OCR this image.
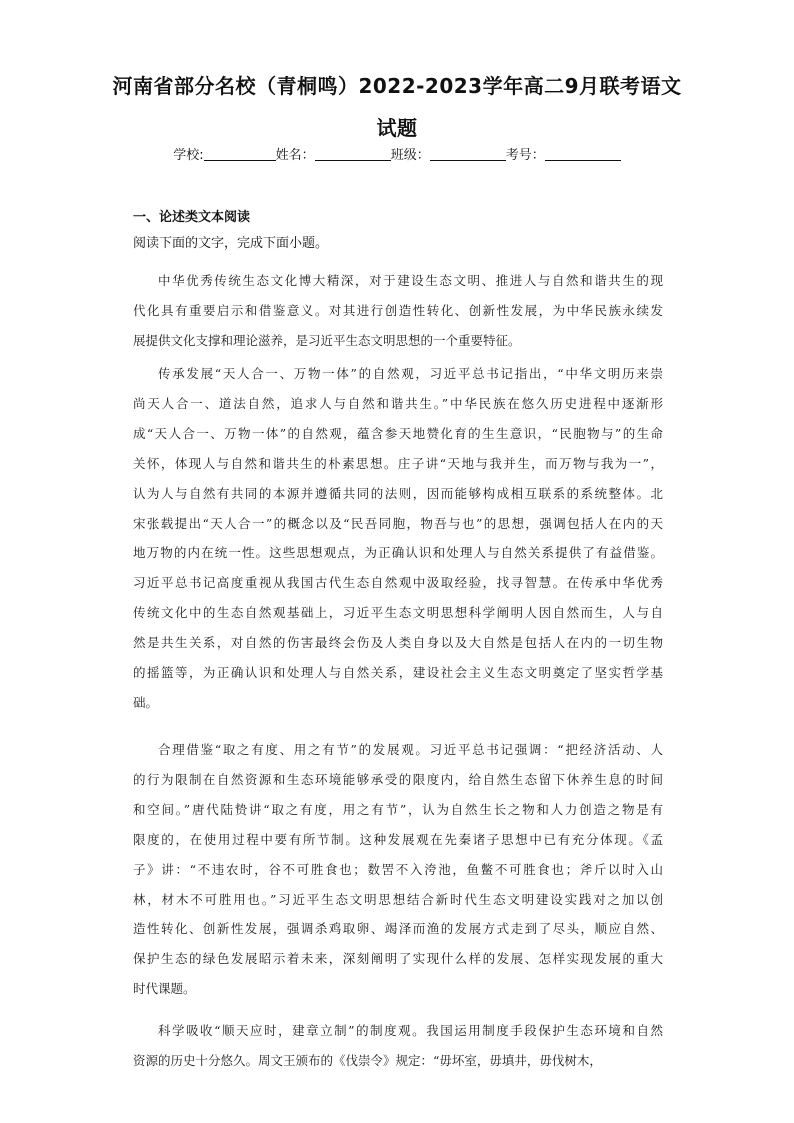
河南省部分名校（青桐鸣）2022-2023学年高二9月联考语文
试题
学校:	姓名：	班级：	考号：
一、论述类文本阅读
阅读下面的文字，完成下面小题。
中华优秀传统生态文化博大精深，对于建设生态文明、推进人与自然和谐共生的现
代化具有重要启示和借鉴意义。对其进行创造性转化、创新性发展，为中华民族永续发
展提供文化支撑和理论滋养，是习近平生态文明思想的一个重要特征。
传承发展“天人合一、万物一体”的自然观，习近平总书记指出，“中华文明历来崇
尚天人合一、道法自然，追求人与自然和谐共生。”中华民族在悠久历史进程中逐渐形
成“天人合一、万物一体”的自然观，蕴含参天地赞化育的生生意识，“民胞物与”的生命
关怀，体现人与自然和谐共生的朴素思想。庄子讲“天地与我并生，而万物与我为一”，
认为人与自然有共同的本源并遵循共同的法则，因而能够构成相互联系的系统整体。北
宋张载提出“天人合一”的概念以及“民吾同胞，物吾与也”的思想，强调包括人在内的天
地万物的内在统一性。这些思想观点，为正确认识和处理人与自然关系提供了有益借鉴。
习近平总书记高度重视从我国古代生态自然观中汲取经验，找寻智慧。在传承中华优秀
传统文化中的生态自然观基础上，习近平生态文明思想科学阐明人因自然而生，人与自
然是共生关系，对自然的伤害最终会伤及人类自身以及大自然是包括人在内的一切生物
的摇篮等，为正确认识和处理人与自然关系，建设社会主义生态文明奠定了坚实哲学基
础。
合理借鉴“取之有度、用之有节”的发展观。习近平总书记强调：“把经济活动、人
的行为限制在自然资源和生态环境能够承受的限度内，给自然生态留下休养生息的时间
和空间。”唐代陆贽讲“取之有度，用之有节”，认为自然生长之物和人力创造之物是有
限度的，在使用过程中要有所节制。这种发展观在先秦诸子思想中已有充分体现。《孟
子》讲：“不违农时，谷不可胜食也；数罟不入洿池，鱼鳖不可胜食也；斧斤以时入山
林，材木不可胜用也。”习近平生态文明思想结合新时代生态文明建设实践对之加以创
造性转化、创新性发展，强调杀鸡取卵、竭泽而渔的发展方式走到了尽头，顺应自然、
保护生态的绿色发展昭示着未来，深刻阐明了实现什么样的发展、怎样实现发展的重大
时代课题。
科学吸收“顺天应时，建章立制”的制度观。我国运用制度手段保护生态环境和自然
资源的历史十分悠久。周文王颁布的《伐崇令》规定：“毋坏室，毋填井，毋伐树木，
